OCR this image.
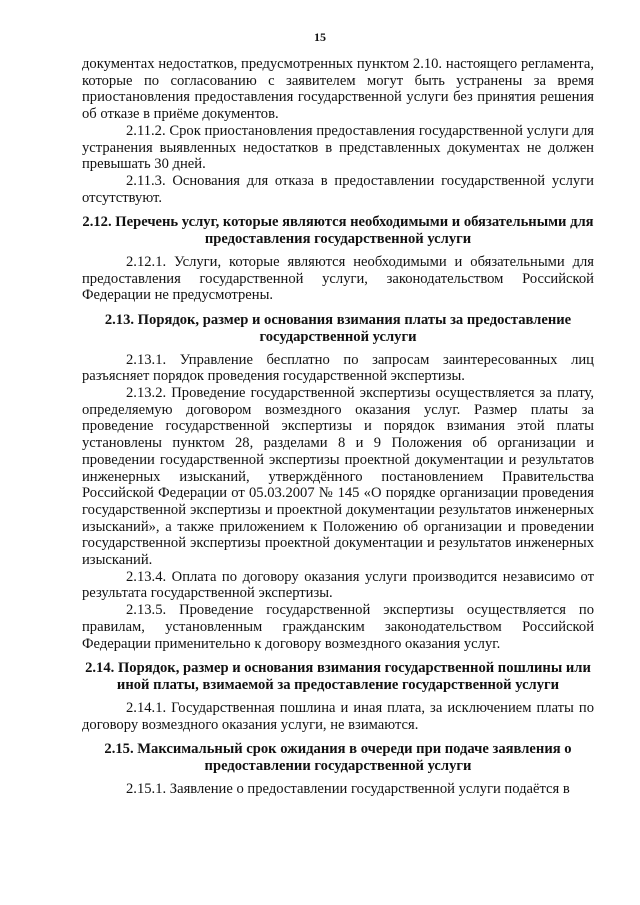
15

документах недостатков, предусмотренных пунктом 2.10. настоящего регламента, которые по согласованию с заявителем могут быть устранены за время приостановления предоставления государственной услуги без принятия решения об отказе в приёме документов.

2.11.2. Срок приостановления предоставления государственной услуги для устранения выявленных недостатков в представленных документах не должен превышать 30 дней.

2.11.3. Основания для отказа в предоставлении государственной услуги отсутствуют.

2.12. Перечень услуг, которые являются необходимыми и обязательными для предоставления государственной услуги

2.12.1. Услуги, которые являются необходимыми и обязательными для предоставления государственной услуги, законодательством Российской Федерации не предусмотрены.

2.13. Порядок, размер и основания взимания платы за предоставление государственной услуги

2.13.1. Управление бесплатно по запросам заинтересованных лиц разъясняет порядок проведения государственной экспертизы.

2.13.2. Проведение государственной экспертизы осуществляется за плату, определяемую договором возмездного оказания услуг. Размер платы за проведение государственной экспертизы и порядок взимания этой платы установлены пунктом 28, разделами 8 и 9 Положения об организации и проведении государственной экспертизы проектной документации и результатов инженерных изысканий, утверждённого постановлением Правительства Российской Федерации от 05.03.2007 № 145 «О порядке организации проведения государственной экспертизы и проектной документации результатов инженерных изысканий», а также приложением к Положению об организации и проведении государственной экспертизы проектной документации и результатов инженерных изысканий.

2.13.4. Оплата по договору оказания услуги производится независимо от результата государственной экспертизы.

2.13.5. Проведение государственной экспертизы осуществляется по правилам, установленным гражданским законодательством Российской Федерации применительно к договору возмездного оказания услуг.

2.14. Порядок, размер и основания взимания государственной пошлины или иной платы, взимаемой за предоставление государственной услуги

2.14.1. Государственная пошлина и иная плата, за исключением платы по договору возмездного оказания услуги, не взимаются.

2.15. Максимальный срок ожидания в очереди при подаче заявления о предоставлении государственной услуги

2.15.1. Заявление о предоставлении государственной услуги подаётся в
